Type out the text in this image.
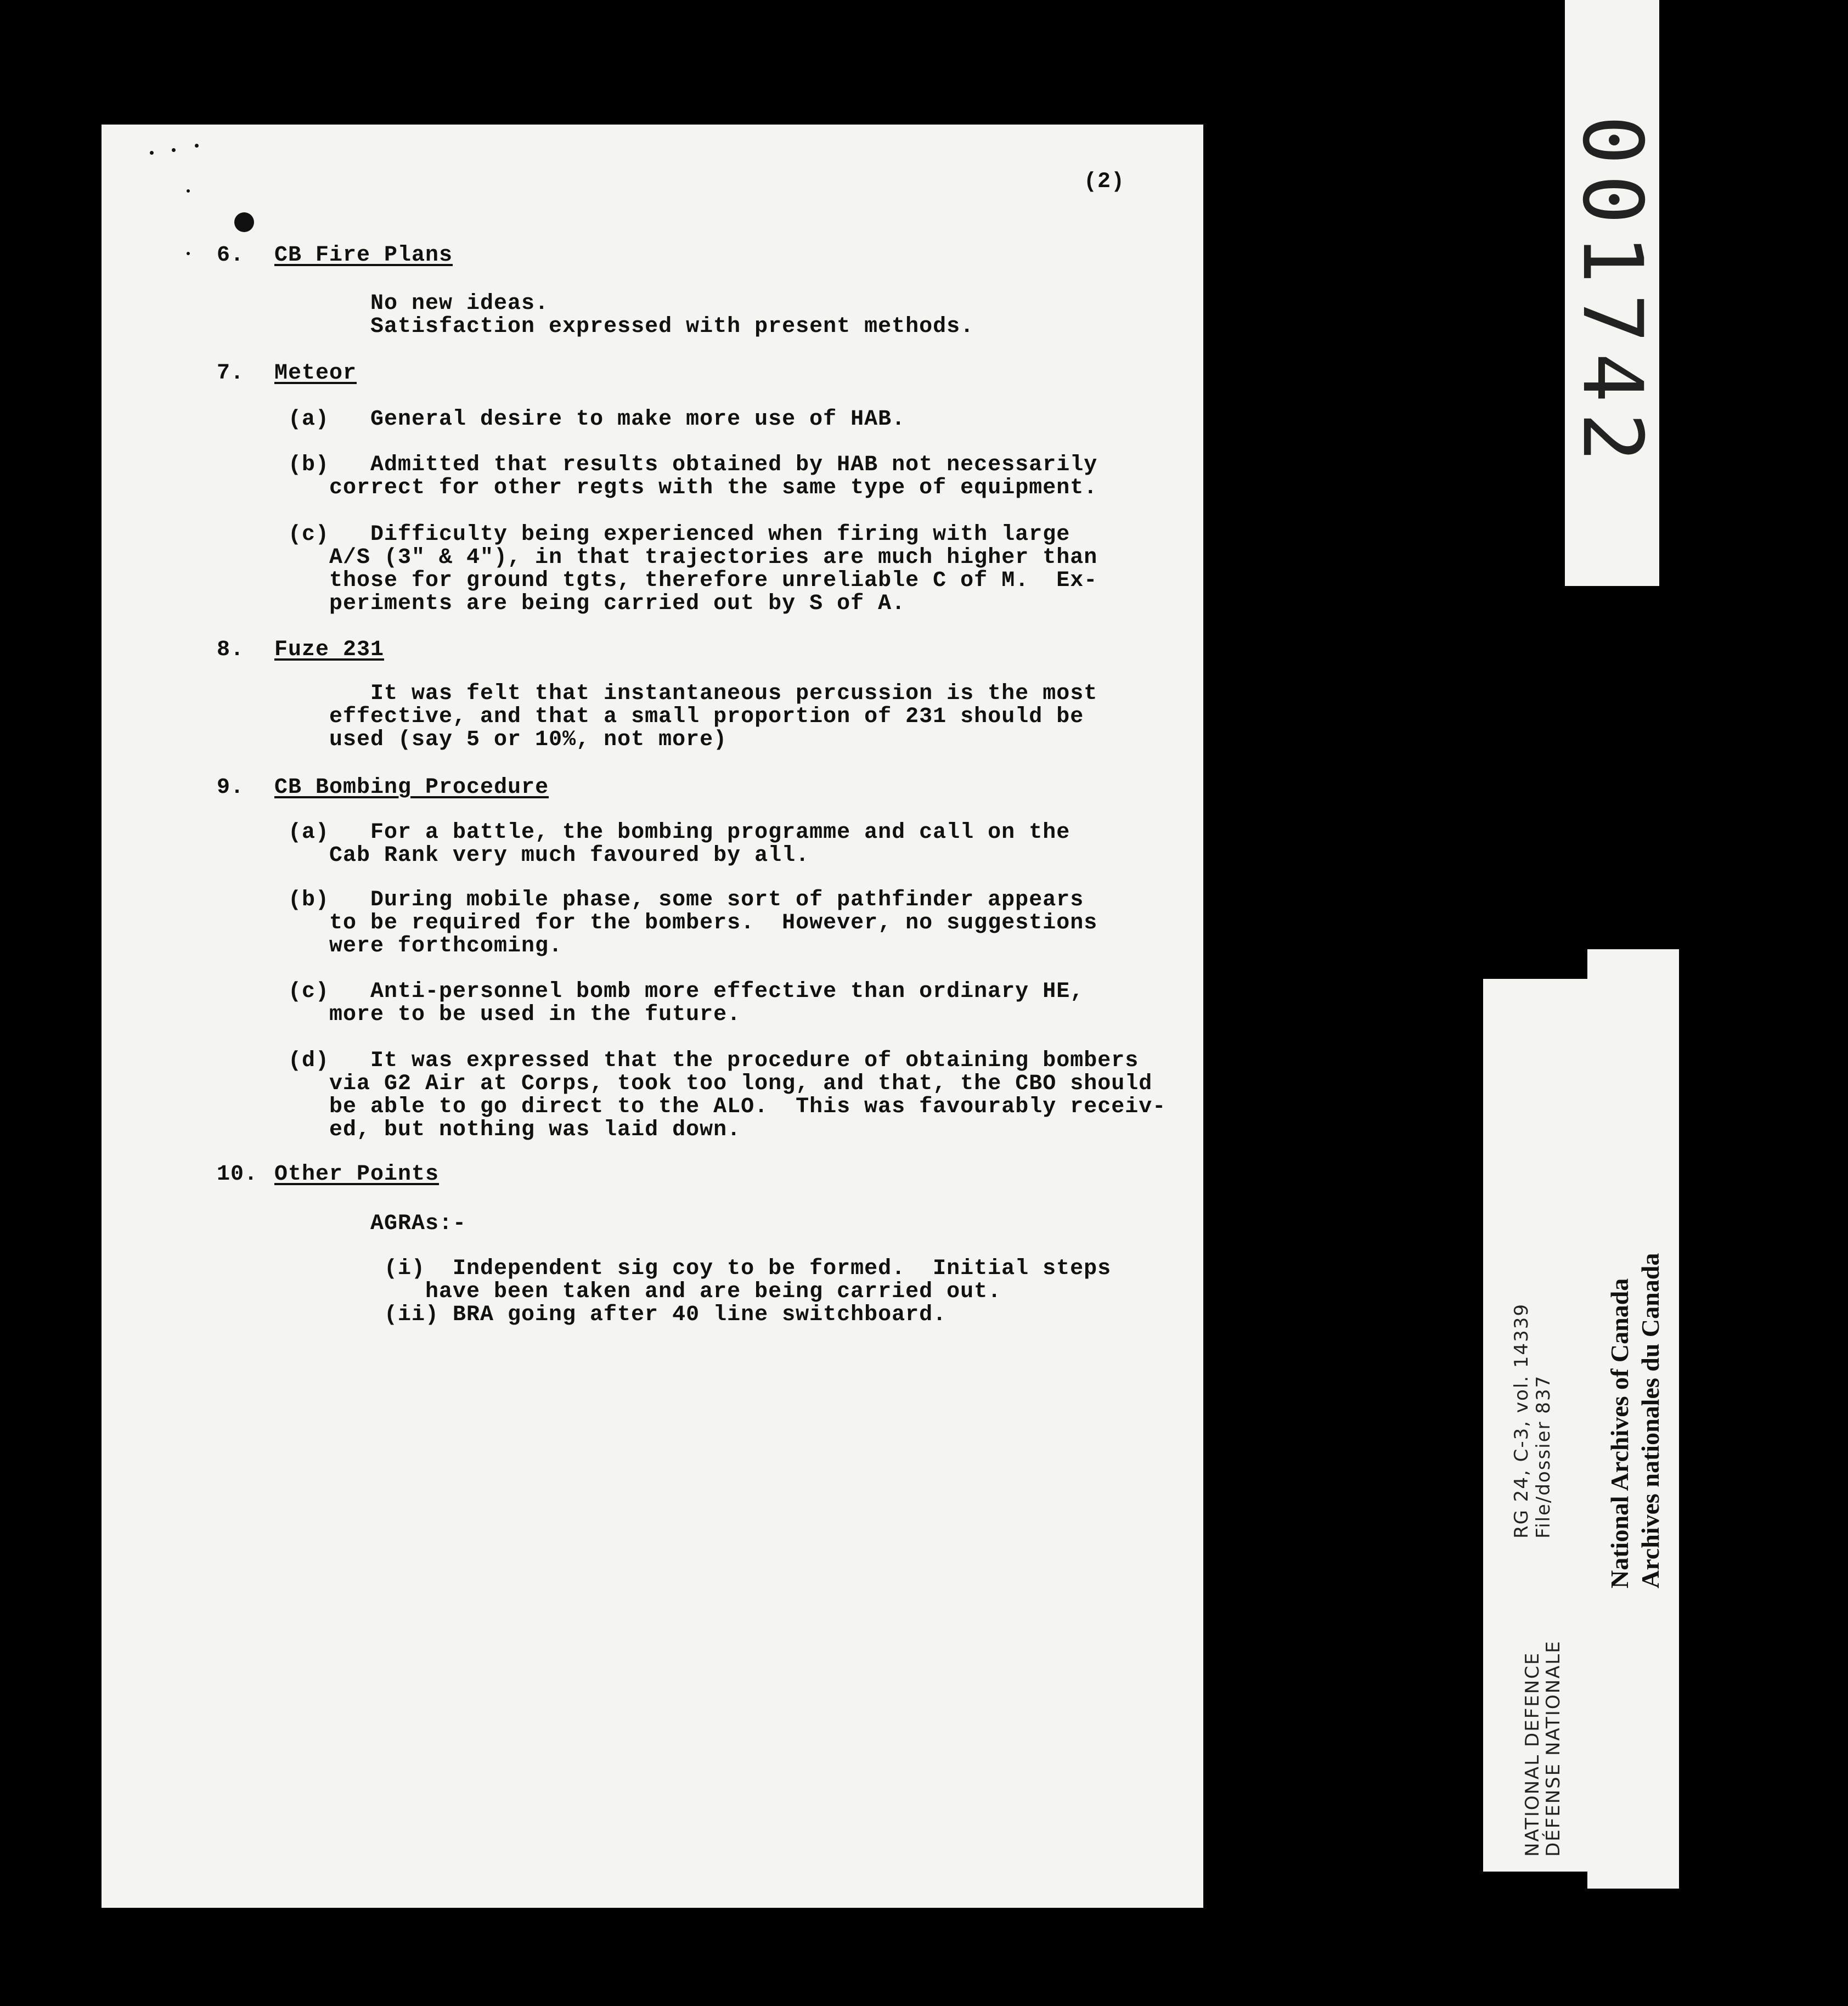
(2)
6. CB Fire Plans
No new ideas.
Satisfaction expressed with present methods.
7. Meteor
(a) General desire to make more use of HAB.
(b) Admitted that results obtained by HAB not necessarily
correct for other regts with the same type of equipment.
(c) Difficulty being experienced when firing with large
A/S (3" & 4"), in that trajectories are much higher than
those for ground tgts, therefore unreliable C of M.  Ex-
periments are being carried out by S of A.
8. Fuze 231
It was felt that instantaneous percussion is the most
effective, and that a small proportion of 231 should be
used (say 5 or 10%, not more)
9. CB Bombing Procedure
(a) For a battle, the bombing programme and call on the
Cab Rank very much favoured by all.
(b) During mobile phase, some sort of pathfinder appears
to be required for the bombers.  However, no suggestions
were forthcoming.
(c) Anti-personnel bomb more effective than ordinary HE,
more to be used in the future.
(d) It was expressed that the procedure of obtaining bombers
via G2 Air at Corps, took too long, and that, the CBO should
be able to go direct to the ALO.  This was favourably receiv-
ed, but nothing was laid down.
10. Other Points
AGRAs:-
(i) Independent sig coy to be formed.  Initial steps
have been taken and are being carried out.
(ii) BRA going after 40 line switchboard.
001742
RG 24, C-3, vol. 14339 File/dossier 837
NATIONAL DEFENCE
DÉFENSE NATIONALE
National Archives of Canada Archives nationales du Canada
